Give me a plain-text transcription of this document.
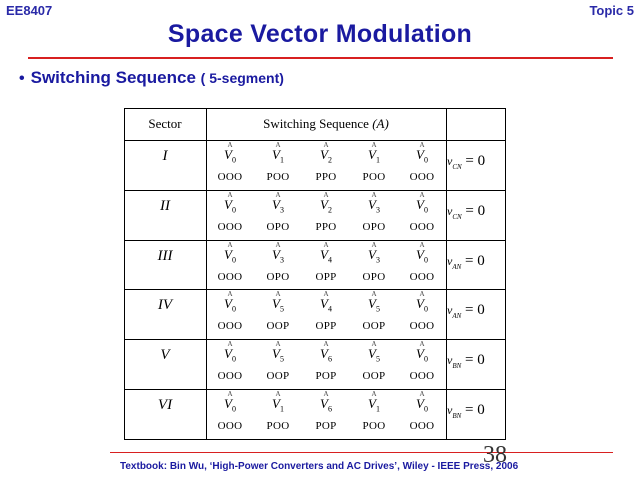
EE8407	Topic 5
Space Vector Modulation
• Switching Sequence ( 5-segment)
Sector	Switching Sequence (A)
I
A
$V_0$
OOO
A
$V_1$
POO
A
$V_2$
PPO
A
$V_1$
POO
A
$V_0$
OOO
$v_{CN} = 0$
II
A
$V_0$
OOO
A
$V_3$
OPO
A
$V_2$
PPO
A
$V_3$
OPO
A
$V_0$
OOO
$v_{CN} = 0$
III
A
$V_0$
OOO
A
$V_3$
OPO
A
$V_4$
OPP
A
$V_3$
OPO
A
$V_0$
OOO
$v_{AN} = 0$
IV
A
$V_0$
OOO
A
$V_5$
OOP
A
$V_4$
OPP
A
$V_5$
OOP
A
$V_0$
OOO
$v_{AN} = 0$
V
A
$V_0$
OOO
A
$V_5$
OOP
A
$V_6$
POP
A
$V_5$
OOP
A
$V_0$
OOO
$v_{BN} = 0$
VI
A
$V_0$
OOO
A
$V_1$
POO
A
$V_6$
POP
A
$V_1$
POO
A
$V_0$
OOO
$v_{BN} = 0$
Textbook: Bin Wu, ‘High-Power Converters and AC Drives’, Wiley - IEEE Press, 2006
38
